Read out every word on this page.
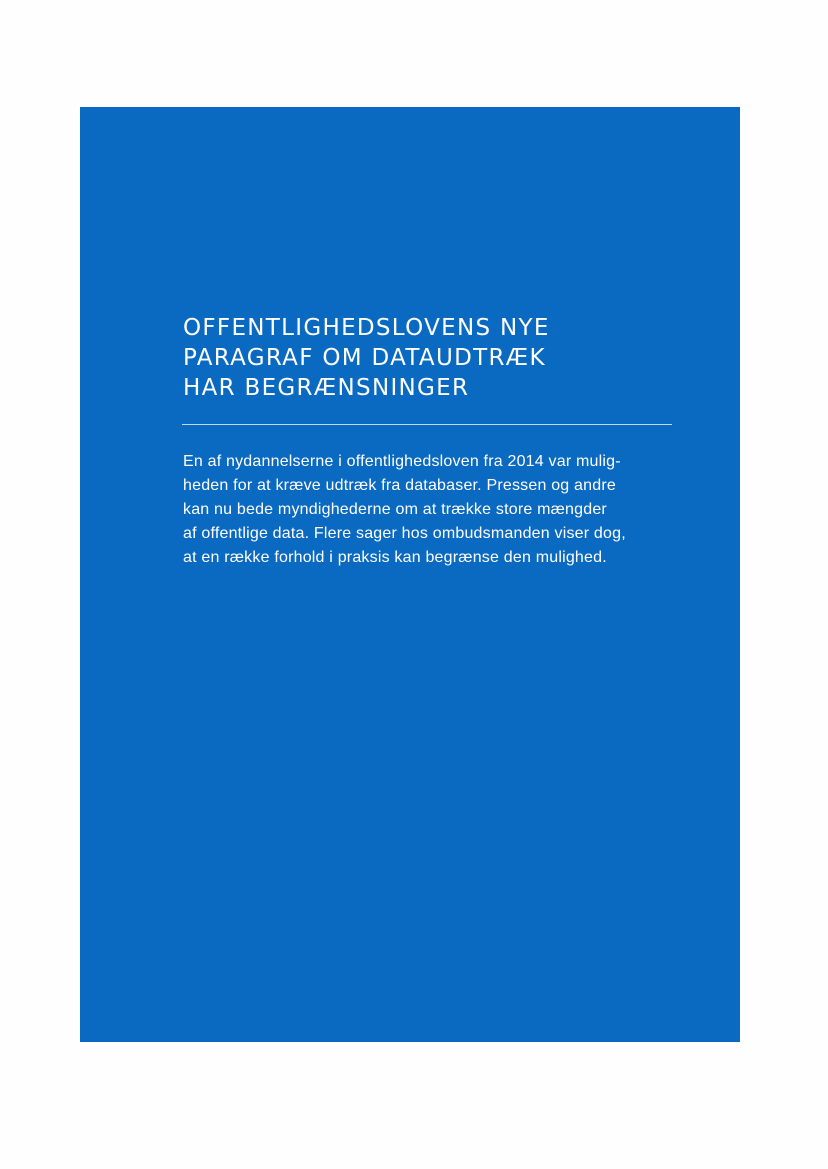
OFFENTLIGHEDSLOVENS NYE
PARAGRAF OM DATAUDTRÆK
HAR BEGRÆNSNINGER

En af nydannelserne i offentlighedsloven fra 2014 var mulig-
heden for at kræve udtræk fra databaser. Pressen og andre
kan nu bede myndighederne om at trække store mængder
af offentlige data. Flere sager hos ombudsmanden viser dog,
at en række forhold i praksis kan begrænse den mulighed.
